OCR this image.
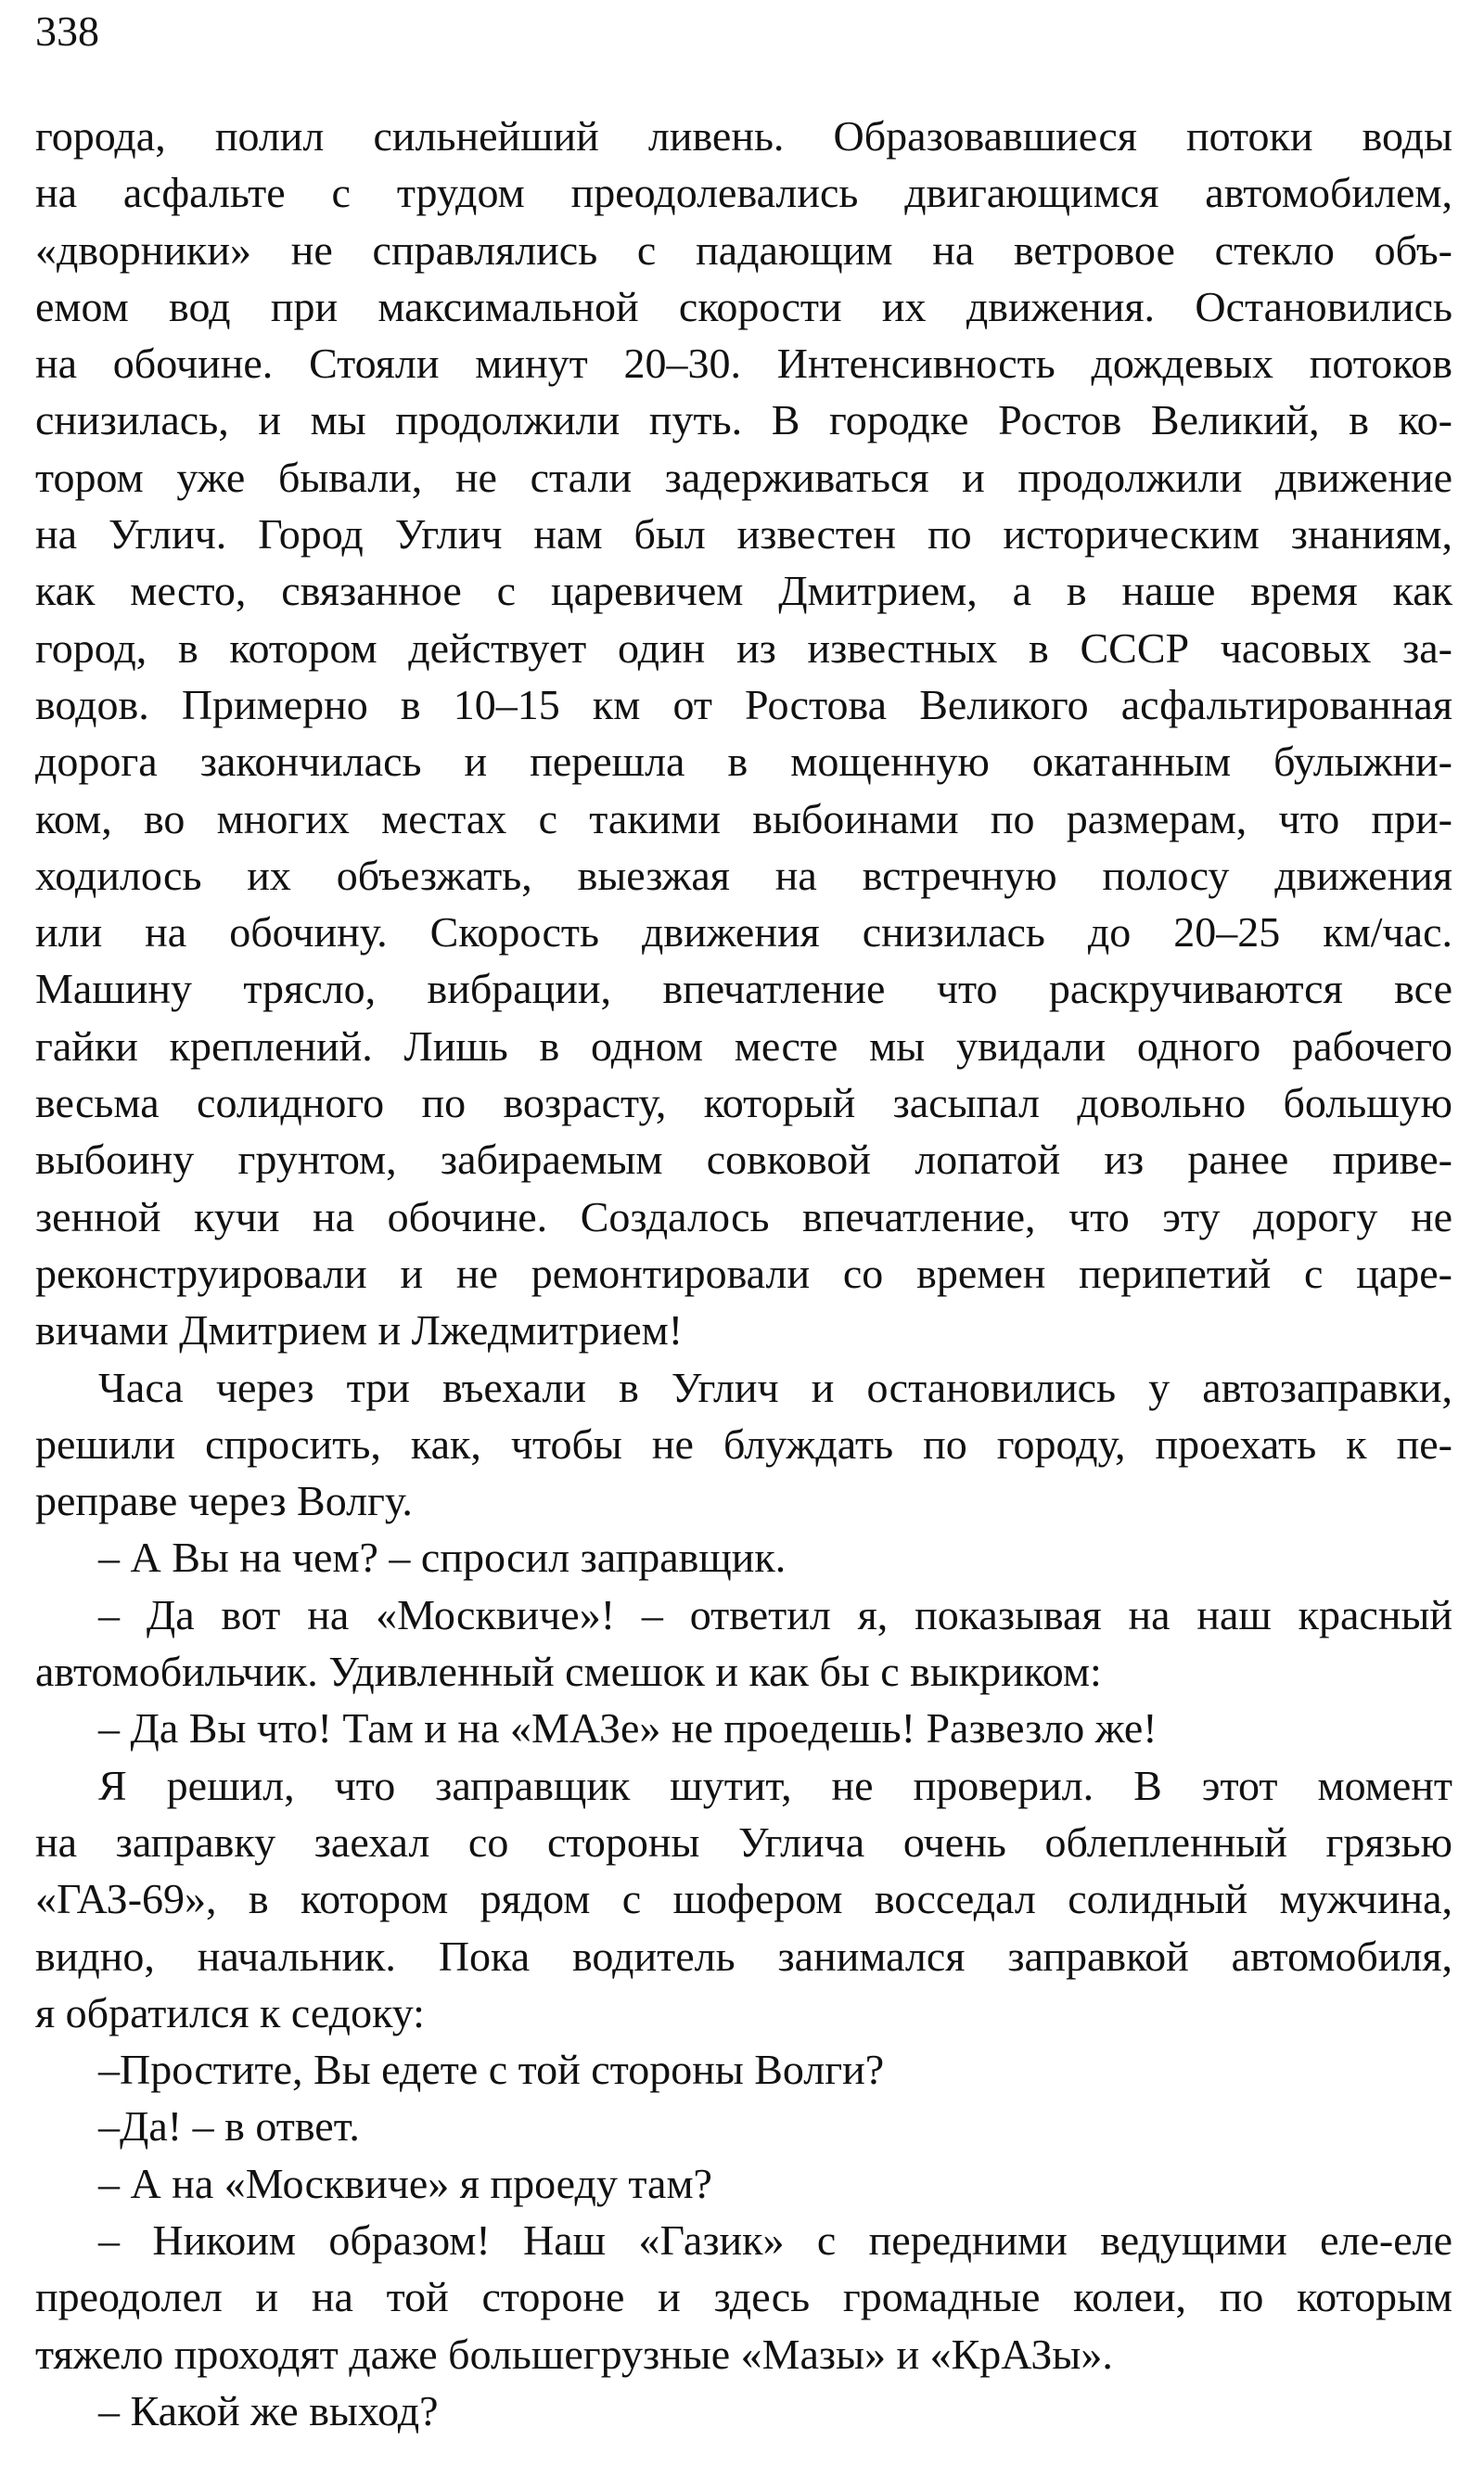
338
города, полил сильнейший ливень. Образовавшиеся потоки воды
на асфальте с трудом преодолевались двигающимся автомобилем,
«дворники» не справлялись с падающим на ветровое стекло объ-
емом вод при максимальной скорости их движения. Остановились
на обочине. Стояли минут 20–30. Интенсивность дождевых потоков
снизилась, и мы продолжили путь. В городке Ростов Великий, в ко-
тором уже бывали, не стали задерживаться и продолжили движение
на Углич. Город Углич нам был известен по историческим знаниям,
как место, связанное с царевичем Дмитрием, а в наше время как
город, в котором действует один из известных в СССР часовых за-
водов. Примерно в 10–15 км от Ростова Великого асфальтированная
дорога закончилась и перешла в мощенную окатанным булыжни-
ком, во многих местах с такими выбоинами по размерам, что при-
ходилось их объезжать, выезжая на встречную полосу движения
или на обочину. Скорость движения снизилась до 20–25 км/час.
Машину трясло, вибрации, впечатление что раскручиваются все
гайки креплений. Лишь в одном месте мы увидали одного рабочего
весьма солидного по возрасту, который засыпал довольно большую
выбоину грунтом, забираемым совковой лопатой из ранее приве-
зенной кучи на обочине. Создалось впечатление, что эту дорогу не
реконструировали и не ремонтировали со времен перипетий с царе-
вичами Дмитрием и Лжедмитрием!
Часа через три въехали в Углич и остановились у автозаправки,
решили спросить, как, чтобы не блуждать по городу, проехать к пе-
реправе через Волгу.
– А Вы на чем? – спросил заправщик.
– Да вот на «Москвиче»! – ответил я, показывая на наш красный
автомобильчик. Удивленный смешок и как бы с выкриком:
– Да Вы что! Там и на «МАЗе» не проедешь! Развезло же!
Я решил, что заправщик шутит, не проверил. В этот момент
на заправку заехал со стороны Углича очень облепленный грязью
«ГАЗ-69», в котором рядом с шофером восседал солидный мужчина,
видно, начальник. Пока водитель занимался заправкой автомобиля,
я обратился к седоку:
–Простите, Вы едете с той стороны Волги?
–Да! – в ответ.
– А на «Москвиче» я проеду там?
– Никоим образом! Наш «Газик» с передними ведущими еле-еле
преодолел и на той стороне и здесь громадные колеи, по которым
тяжело проходят даже большегрузные «Мазы» и «КрАЗы».
– Какой же выход?
